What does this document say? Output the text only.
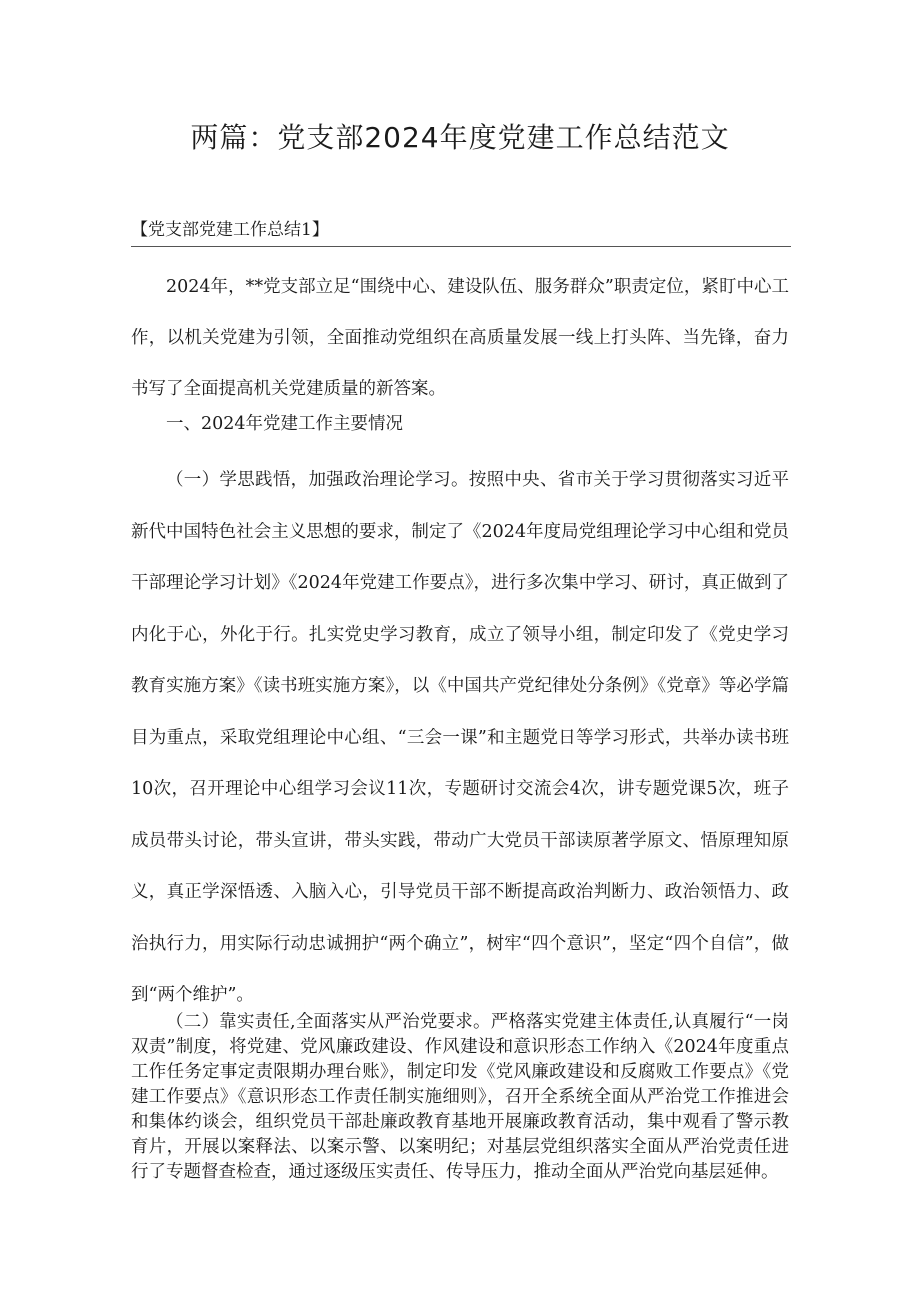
两篇：党支部2024年度党建工作总结范文
【党支部党建工作总结1】

2024年，**党支部立足“围绕中心、建设队伍、服务群众”职责定位，紧盯中心工作，以机关党建为引领，全面推动党组织在高质量发展一线上打头阵、当先锋，奋力书写了全面提高机关党建质量的新答案。

一、2024年党建工作主要情况

（一）学思践悟，加强政治理论学习。按照中央、省市关于学习贯彻落实习近平新代中国特色社会主义思想的要求，制定了《2024年度局党组理论学习中心组和党员干部理论学习计划》《2024年党建工作要点》，进行多次集中学习、研讨，真正做到了内化于心，外化于行。扎实党史学习教育，成立了领导小组，制定印发了《党史学习教育实施方案》《读书班实施方案》，以《中国共产党纪律处分条例》《党章》等必学篇目为重点，采取党组理论中心组、“三会一课”和主题党日等学习形式，共举办读书班10次，召开理论中心组学习会议11次，专题研讨交流会4次，讲专题党课5次，班子成员带头讨论，带头宣讲，带头实践，带动广大党员干部读原著学原文、悟原理知原义，真正学深悟透、入脑入心，引导党员干部不断提高政治判断力、政治领悟力、政治执行力，用实际行动忠诚拥护“两个确立”，树牢“四个意识”，坚定“四个自信”，做到“两个维护”。

（二）靠实责任,全面落实从严治党要求。严格落实党建主体责任,认真履行“一岗双责”制度，将党建、党风廉政建设、作风建设和意识形态工作纳入《2024年度重点工作任务定事定责限期办理台账》，制定印发《党风廉政建设和反腐败工作要点》《党建工作要点》《意识形态工作责任制实施细则》，召开全系统全面从严治党工作推进会和集体约谈会，组织党员干部赴廉政教育基地开展廉政教育活动，集中观看了警示教育片，开展以案释法、以案示警、以案明纪；对基层党组织落实全面从严治党责任进行了专题督查检查，通过逐级压实责任、传导压力，推动全面从严治党向基层延伸。
